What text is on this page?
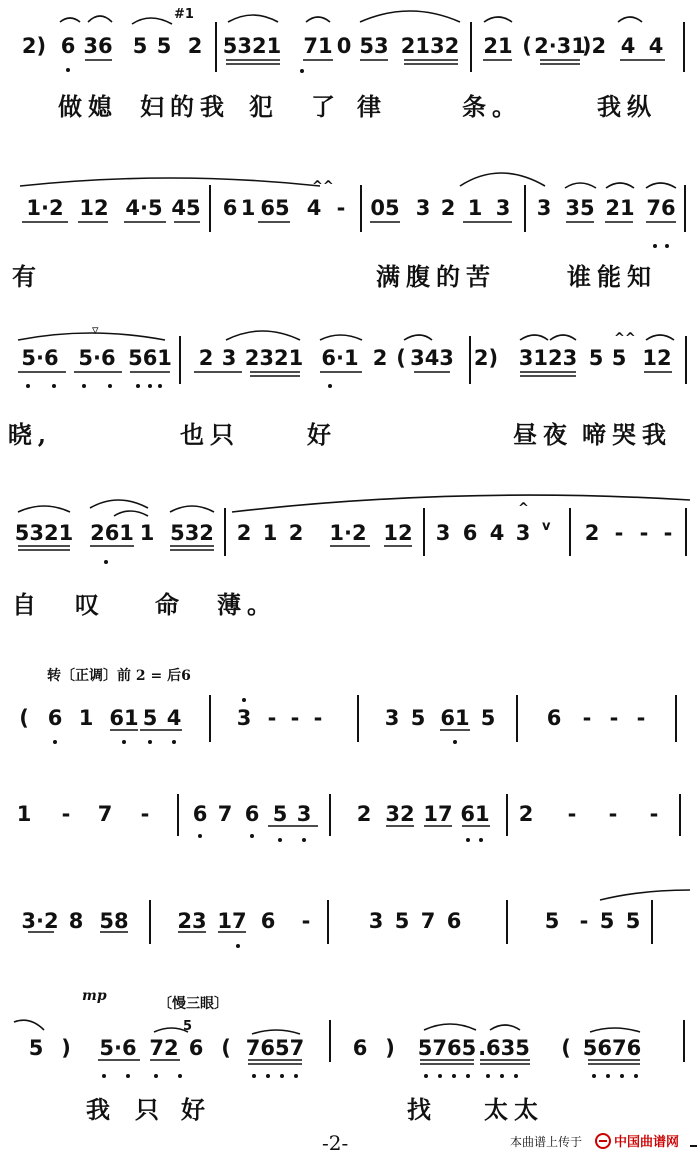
2) 6 36 5 5 2 5321 71 0 53 2132 21 ( 2·31
)2 4 4
做媳 妇的我 犯 了 律	条。	我纵
#1
^^
1·2 12 4·5 45 6 1 65 4 - 05 3 2 1 3 3 35 21 76
有	满腹的苦	谁能知
▿
^^
5·6 5·6 561 2 3 2321 6·1 2 ( 343 2) 3123 5 5 12
晓,	也只	好	昼夜 啼哭我
^
v
5321 261 1 532 2 1 2 1·2 12 3 6 4 3	2 - - -
自 叹 命 薄。
( 6 1 61 5 4	3 - - -	3 5 61 5 6 - - -
转〔正调〕前 2 = 后6
1 - 7 - 6 7 6 5 3 2 32 17 61 2 - - -
3·2 8 58 23 17 6 -	3 5 7 6	5 - 5 5
5 ) 5·6 72 6 ( 7657 6 ) 5765 .635 ( 5676
我 只 好	找 太太
mp	〔慢三眼〕
5
-2-	本曲谱上传于 中国曲谱网
